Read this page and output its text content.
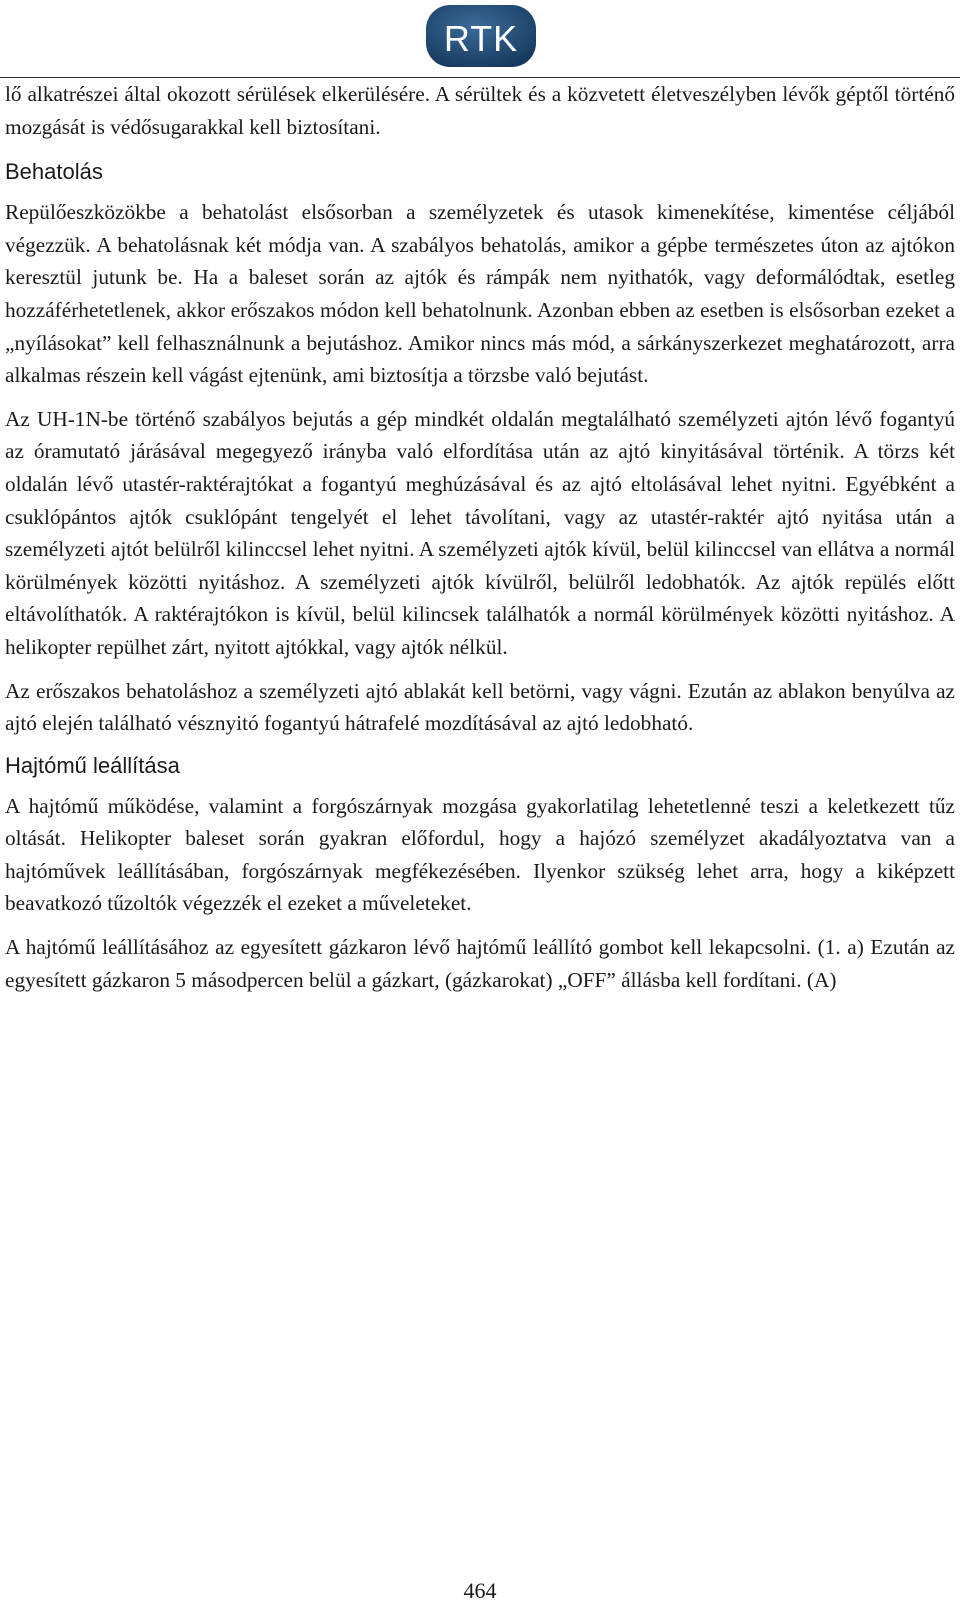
RTK

lő alkatrészei által okozott sérülések elkerülésére. A sérültek és a közvetett életveszélyben lévők géptől történő mozgását is védősugarakkal kell biztosítani.

Behatolás

Repülőeszközökbe a behatolást elsősorban a személyzetek és utasok kimenekítése, kimentése céljából végezzük. A behatolásnak két módja van. A szabályos behatolás, amikor a gépbe természetes úton az ajtókon keresztül jutunk be. Ha a baleset során az ajtók és rámpák nem nyithatók, vagy deformálódtak, esetleg hozzáférhetetlenek, akkor erőszakos módon kell behatolnunk. Azonban ebben az esetben is elsősorban ezeket a „nyílásokat” kell felhasználnunk a bejutáshoz. Amikor nincs más mód, a sárkányszerkezet meghatározott, arra alkalmas részein kell vágást ejtenünk, ami biztosítja a törzsbe való bejutást.

Az UH-1N-be történő szabályos bejutás a gép mindkét oldalán megtalálható személyzeti ajtón lévő fogantyú az óramutató járásával megegyező irányba való elfordítása után az ajtó kinyitásával történik. A törzs két oldalán lévő utastér-raktérajtókat a fogantyú meghúzásával és az ajtó eltolásával lehet nyitni. Egyébként a csuklópántos ajtók csuklópánt tengelyét el lehet távolítani, vagy az utastér-raktér ajtó nyitása után a személyzeti ajtót belülről kilinccsel lehet nyitni. A személyzeti ajtók kívül, belül kilinccsel van ellátva a normál körülmények közötti nyitáshoz. A személyzeti ajtók kívülről, belülről ledobhatók. Az ajtók repülés előtt eltávolíthatók. A raktérajtókon is kívül, belül kilincsek találhatók a normál körülmények közötti nyitáshoz. A helikopter repülhet zárt, nyitott ajtókkal, vagy ajtók nélkül.

Az erőszakos behatoláshoz a személyzeti ajtó ablakát kell betörni, vagy vágni. Ezután az ablakon benyúlva az ajtó elején található vésznyitó fogantyú hátrafelé mozdításával az ajtó ledobható.

Hajtómű leállítása

A hajtómű működése, valamint a forgószárnyak mozgása gyakorlatilag lehetetlenné teszi a keletkezett tűz oltását. Helikopter baleset során gyakran előfordul, hogy a hajózó személyzet akadályoztatva van a hajtóművek leállításában, forgószárnyak megfékezésében. Ilyenkor szükség lehet arra, hogy a kiképzett beavatkozó tűzoltók végezzék el ezeket a műveleteket.

A hajtómű leállításához az egyesített gázkaron lévő hajtómű leállító gombot kell lekapcsolni. (1. a) Ezután az egyesített gázkaron 5 másodpercen belül a gázkart, (gázkarokat) „OFF” állásba kell fordítani. (A)

464
